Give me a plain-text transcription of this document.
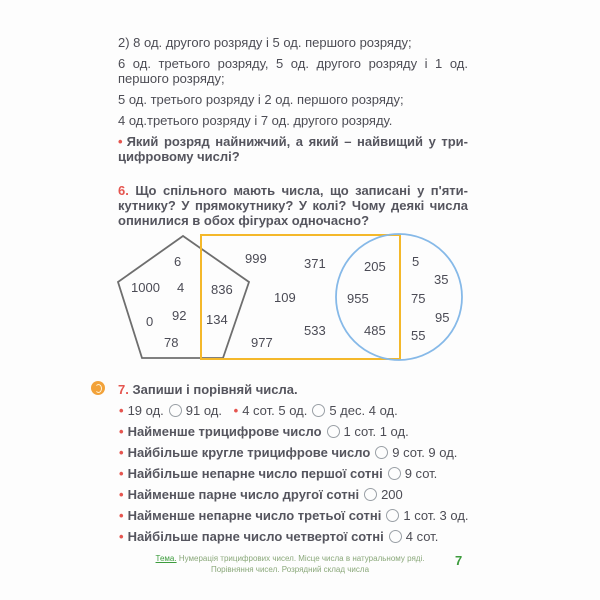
2) 8 од. другого розряду і 5 од. першого розряду;
6 од. третього розряду, 5 од. другого розряду і 1 од.
першого розряду;
5 од. третього розряду і 2 од. першого розряду;
4 од.третього розряду і 7 од. другого розряду.
• Який розряд найнижчий, а який – найвищий у три-
цифровому числі?
6. Що спільного мають числа, що записані у п'яти-
кутнику? У прямокутнику? У колі? Чому деякі числа
опинилися в обох фігурах одночасно?
6
1000 4
0 92
78
836
134
999	371
109
533
977
205
955
485
5
35
75
95
55
7. Запиши і порівняй числа.
• 19 од. 91 од. • 4 сот. 5 од. 5 дес. 4 од.
• Найменше трицифрове число 1 сот. 1 од.
• Найбільше кругле трицифрове число 9 сот. 9 од.
• Найбільше непарне число першої сотні 9 сот.
• Найменше парне число другої сотні 200
• Найменше непарне число третьої сотні 1 сот. 3 од.
• Найбільше парне число четвертої сотні 4 сот.
Тема. Нумерація трицифрових чисел. Місце числа в натуральному ряді.
Порівняння чисел. Розрядний склад числа
7
